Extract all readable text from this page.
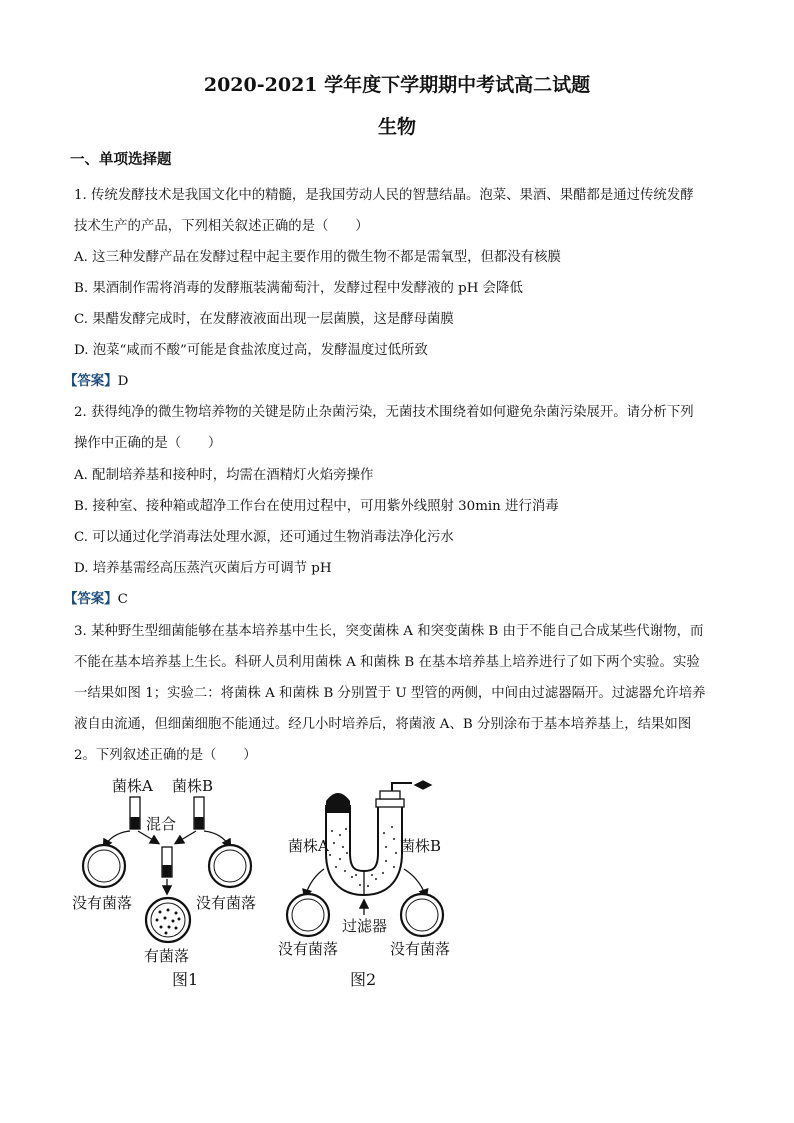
2020-2021 学年度下学期期中考试高二试题
生物
一、单项选择题
1. 传统发酵技术是我国文化中的精髓，是我国劳动人民的智慧结晶。泡菜、果酒、果醋都是通过传统发酵
技术生产的产品，下列相关叙述正确的是（　　）
A. 这三种发酵产品在发酵过程中起主要作用的微生物不都是需氧型，但都没有核膜
B. 果酒制作需将消毒的发酵瓶装满葡萄汁，发酵过程中发酵液的 pH 会降低
C. 果醋发酵完成时，在发酵液液面出现一层菌膜，这是酵母菌膜
D. 泡菜“咸而不酸”可能是食盐浓度过高，发酵温度过低所致
【答案】D
2. 获得纯净的微生物培养物的关键是防止杂菌污染，无菌技术围绕着如何避免杂菌污染展开。请分析下列
操作中正确的是（　　）
A. 配制培养基和接种时，均需在酒精灯火焰旁操作
B. 接种室、接种箱或超净工作台在使用过程中，可用紫外线照射 30min 进行消毒
C. 可以通过化学消毒法处理水源，还可通过生物消毒法净化污水
D. 培养基需经高压蒸汽灭菌后方可调节 pH
【答案】C
3. 某种野生型细菌能够在基本培养基中生长，突变菌株 A 和突变菌株 B 由于不能自己合成某些代谢物，而
不能在基本培养基上生长。科研人员利用菌株 A 和菌株 B 在基本培养基上培养进行了如下两个实验。实验
一结果如图 1；实验二：将菌株 A 和菌株 B 分别置于 U 型管的两侧，中间由过滤器隔开。过滤器允许培养
液自由流通，但细菌细胞不能通过。经几小时培养后，将菌液 A、B 分别涂布于基本培养基上，结果如图
2。下列叙述正确的是（　　）
菌株A 菌株B
混合
没有菌落	没有菌落
有菌落
图1
菌株A	菌株B
过滤器
没有菌落	没有菌落
图2
